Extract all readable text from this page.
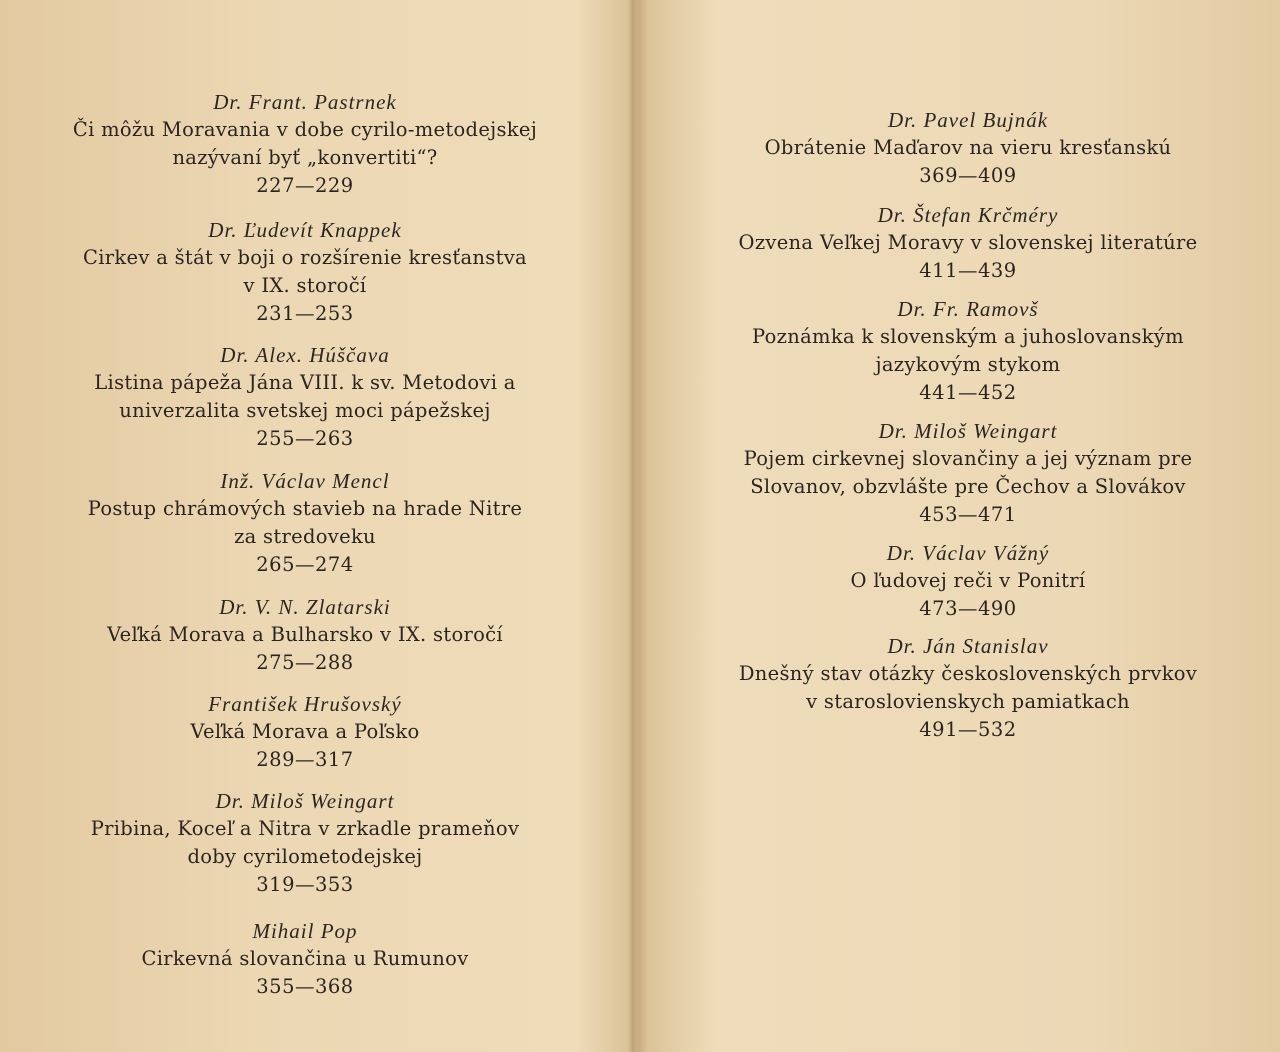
Dr. Frant. Pastrnek
Či môžu Moravania v dobe cyrilo-metodejskej
nazývaní byť „konvertiti“?
227—229
Dr. Ľudevít Knappek
Cirkev a štát v boji o rozšírenie kresťanstva
v IX. storočí
231—253
Dr. Alex. Húščava
Listina pápeža Jána VIII. k sv. Metodovi a
univerzalita svetskej moci pápežskej
255—263
Inž. Václav Mencl
Postup chrámových stavieb na hrade Nitre
za stredoveku
265—274
Dr. V. N. Zlatarski
Veľká Morava a Bulharsko v IX. storočí
275—288
František Hrušovský
Veľká Morava a Poľsko
289—317
Dr. Miloš Weingart
Pribina, Koceľ a Nitra v zrkadle prameňov
doby cyrilometodejskej
319—353
Mihail Pop
Cirkevná slovančina u Rumunov
355—368
Dr. Pavel Bujnák
Obrátenie Maďarov na vieru kresťanskú
369—409
Dr. Štefan Krčméry
Ozvena Veľkej Moravy v slovenskej literatúre
411—439
Dr. Fr. Ramovš
Poznámka k slovenským a juhoslovanským
jazykovým stykom
441—452
Dr. Miloš Weingart
Pojem cirkevnej slovančiny a jej význam pre
Slovanov, obzvlášte pre Čechov a Slovákov
453—471
Dr. Václav Vážný
O ľudovej reči v Ponitrí
473—490
Dr. Ján Stanislav
Dnešný stav otázky československých prvkov
v staroslovienskych pamiatkach
491—532
